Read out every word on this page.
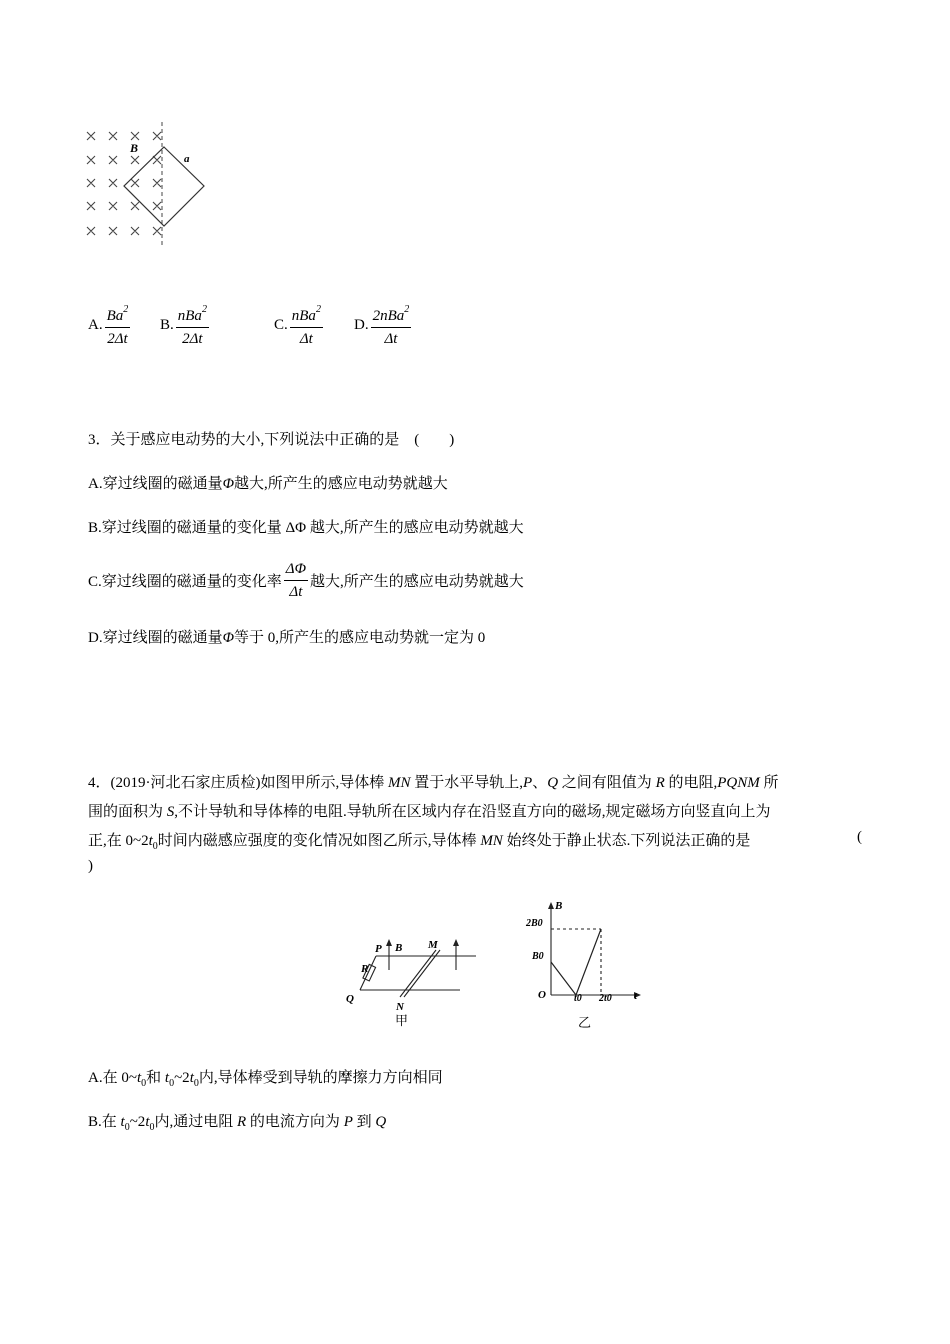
B
a
A. $\frac{Ba^2}{2\Delta t} B$. $\frac{nBa^2}{2\Delta t}$	C. $\frac{nBa^2}{\Delta t} D$. $\frac{2nBa^2}{\Delta t}$
3．关于感应电动势的大小,下列说法中正确的是　(　　)
A.穿过线圈的磁通量Φ越大,所产生的感应电动势就越大
B.穿过线圈的磁通量的变化量 ΔΦ 越大,所产生的感应电动势就越大
C.穿过线圈的磁通量的变化率 $\frac{\Delta\Phi}{\Delta t}$ 越大,所产生的感应电动势就越大
D.穿过线圈的磁通量Φ等于 0,所产生的感应电动势就一定为 0
4．(2019·河北石家庄质检)如图甲所示,导体棒 MN 置于水平导轨上,P、Q 之间有阻值为 R 的电阻,PQNM 所
围的面积为 S,不计导轨和导体棒的电阻.导轨所在区域内存在沿竖直方向的磁场,规定磁场方向竖直向上为
正,在 $0\sim 2t_0$时间内磁感应强度的变化情况如图乙所示,导体棒 MN 始终处于静止状态.下列说法正确的是	(
)
P B M
R
Q
N
甲
B
2B0
B0
O	t0 2t0 t
乙
A.在 $0\sim t_0$和 $t_0\sim 2t_0$内,导体棒受到导轨的摩擦力方向相同
B.在 $t_0\sim 2t_0$内,通过电阻 R 的电流方向为 P 到 Q
